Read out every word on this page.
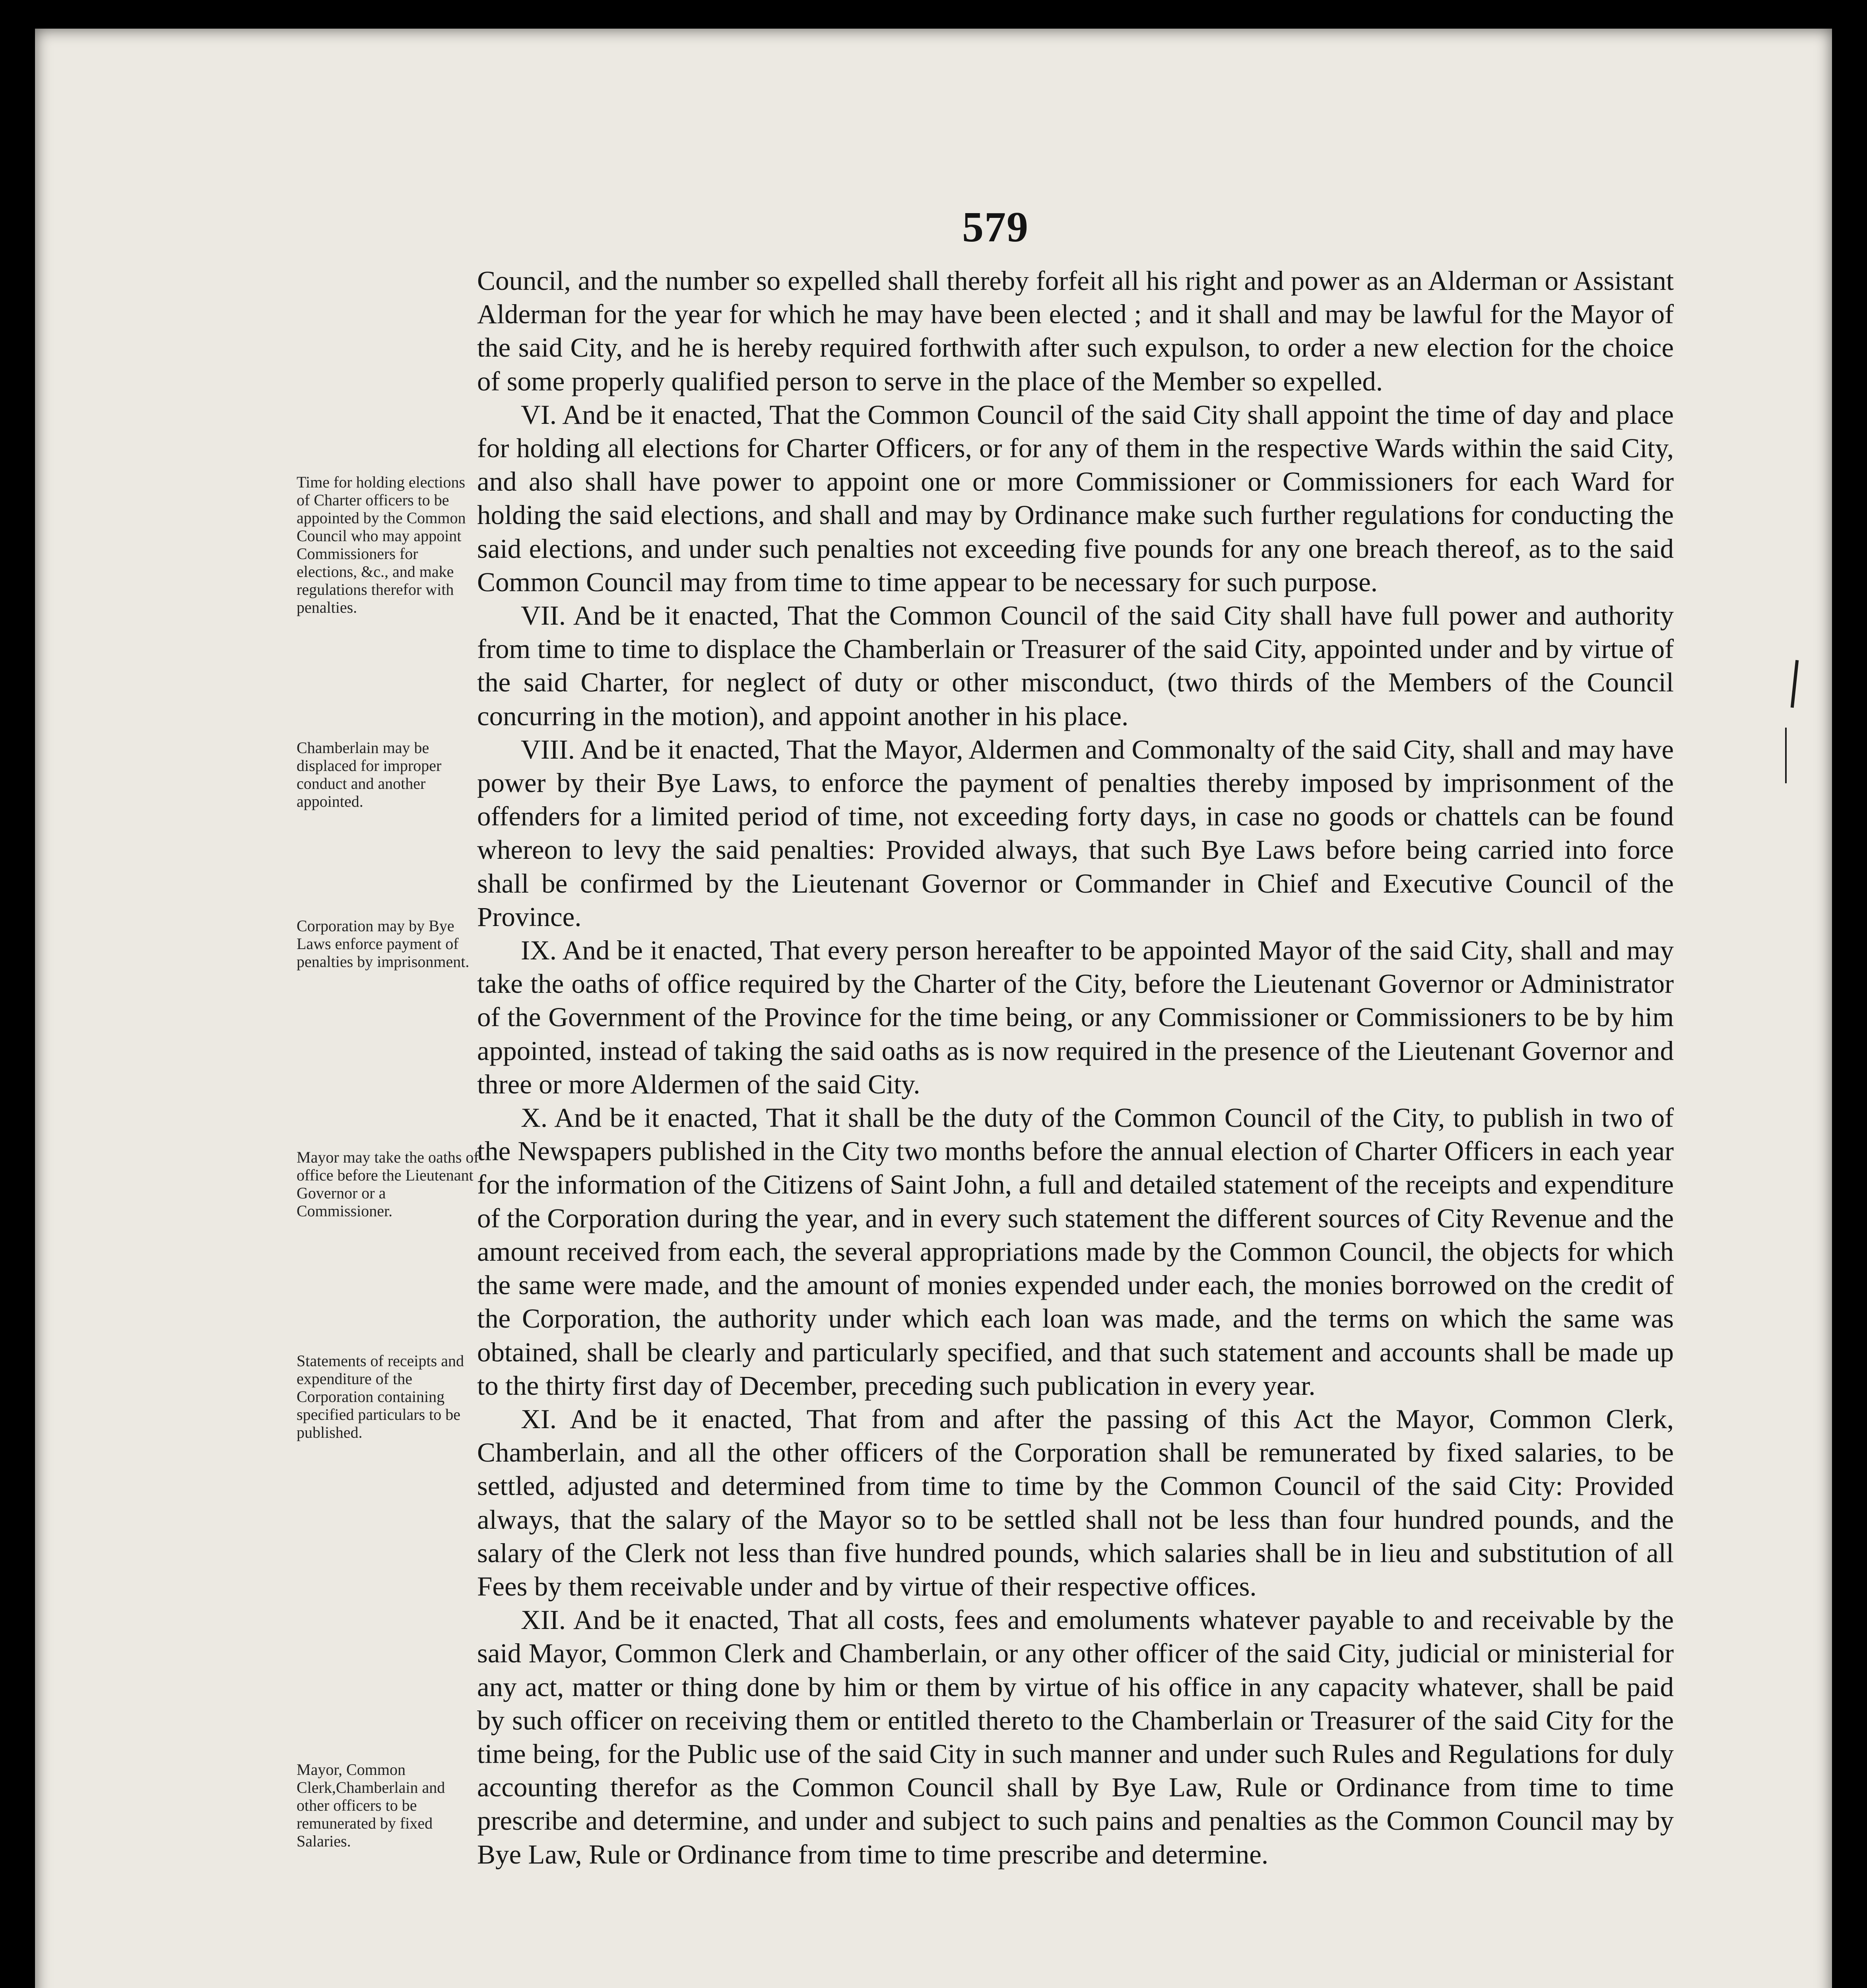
579

Council, and the number so expelled shall thereby forfeit all his right and power as an Alderman or Assistant Alderman for the year for which he may have been elected ; and it shall and may be lawful for the Mayor of the said City, and he is hereby required forthwith after such expulson, to order a new election for the choice of some properly qualified person to serve in the place of the Member so expelled.

VI. And be it enacted, That the Common Council of the said City shall appoint the time of day and place for holding all elections for Charter Officers, or for any of them in the respective Wards within the said City, and also shall have power to appoint one or more Commissioner or Commissioners for each Ward for holding the said elections, and shall and may by Ordinance make such further regulations for conducting the said elections, and under such penalties not exceeding five pounds for any one breach thereof, as to the said Common Council may from time to time appear to be necessary for such purpose.

VII. And be it enacted, That the Common Council of the said City shall have full power and authority from time to time to displace the Chamberlain or Treasurer of the said City, appointed under and by virtue of the said Charter, for neglect of duty or other misconduct, (two thirds of the Members of the Council concurring in the motion), and appoint another in his place.

VIII. And be it enacted, That the Mayor, Aldermen and Commonalty of the said City, shall and may have power by their Bye Laws, to enforce the payment of penalties thereby imposed by imprisonment of the offenders for a limited period of time, not exceeding forty days, in case no goods or chattels can be found whereon to levy the said penalties: Provided always, that such Bye Laws before being carried into force shall be confirmed by the Lieutenant Governor or Commander in Chief and Executive Council of the Province.

IX. And be it enacted, That every person hereafter to be appointed Mayor of the said City, shall and may take the oaths of office required by the Charter of the City, before the Lieutenant Governor or Administrator of the Government of the Province for the time being, or any Commissioner or Commissioners to be by him appointed, instead of taking the said oaths as is now required in the presence of the Lieutenant Governor and three or more Aldermen of the said City.

X. And be it enacted, That it shall be the duty of the Common Council of the City, to publish in two of the Newspapers published in the City two months before the annual election of Charter Officers in each year for the information of the Citizens of Saint John, a full and detailed statement of the receipts and expenditure of the Corporation during the year, and in every such statement the different sources of City Revenue and the amount received from each, the several appropriations made by the Common Council, the objects for which the same were made, and the amount of monies expended under each, the monies borrowed on the credit of the Corporation, the authority under which each loan was made, and the terms on which the same was obtained, shall be clearly and particularly specified, and that such statement and accounts shall be made up to the thirty first day of December, preceding such publication in every year.

XI. And be it enacted, That from and after the passing of this Act the Mayor, Common Clerk, Chamberlain, and all the other officers of the Corporation shall be remunerated by fixed salaries, to be settled, adjusted and determined from time to time by the Common Council of the said City: Provided always, that the salary of the Mayor so to be settled shall not be less than four hundred pounds, and the salary of the Clerk not less than five hundred pounds, which salaries shall be in lieu and substitution of all Fees by them receivable under and by virtue of their respective offices.

XII. And be it enacted, That all costs, fees and emoluments whatever payable to and receivable by the said Mayor, Common Clerk and Chamberlain, or any other officer of the said City, judicial or ministerial for any act, matter or thing done by him or them by virtue of his office in any capacity whatever, shall be paid by such officer on receiving them or entitled thereto to the Chamberlain or Treasurer of the said City for the time being, for the Public use of the said City in such manner and under such Rules and Regulations for duly accounting therefor as the Common Council shall by Bye Law, Rule or Ordinance from time to time prescribe and determine, and under and subject to such pains and penalties as the Common Council may by Bye Law, Rule or Ordinance from time to time prescribe and determine.

Time for holding elections of Charter officers to be appointed by the Common Council who may appoint Commissioners for elections, &c., and make regulations therefor with penalties.
Chamberlain may be displaced for improper conduct and another appointed.
Corporation may by Bye Laws enforce payment of penalties by imprisonment.
Mayor may take the oaths of office before the Lieutenant Governor or a Commissioner.
Statements of receipts and expenditure of the Corporation containing specified particulars to be published.
Mayor, Common Clerk,Chamberlain and other officers to be remunerated by fixed Salaries.
